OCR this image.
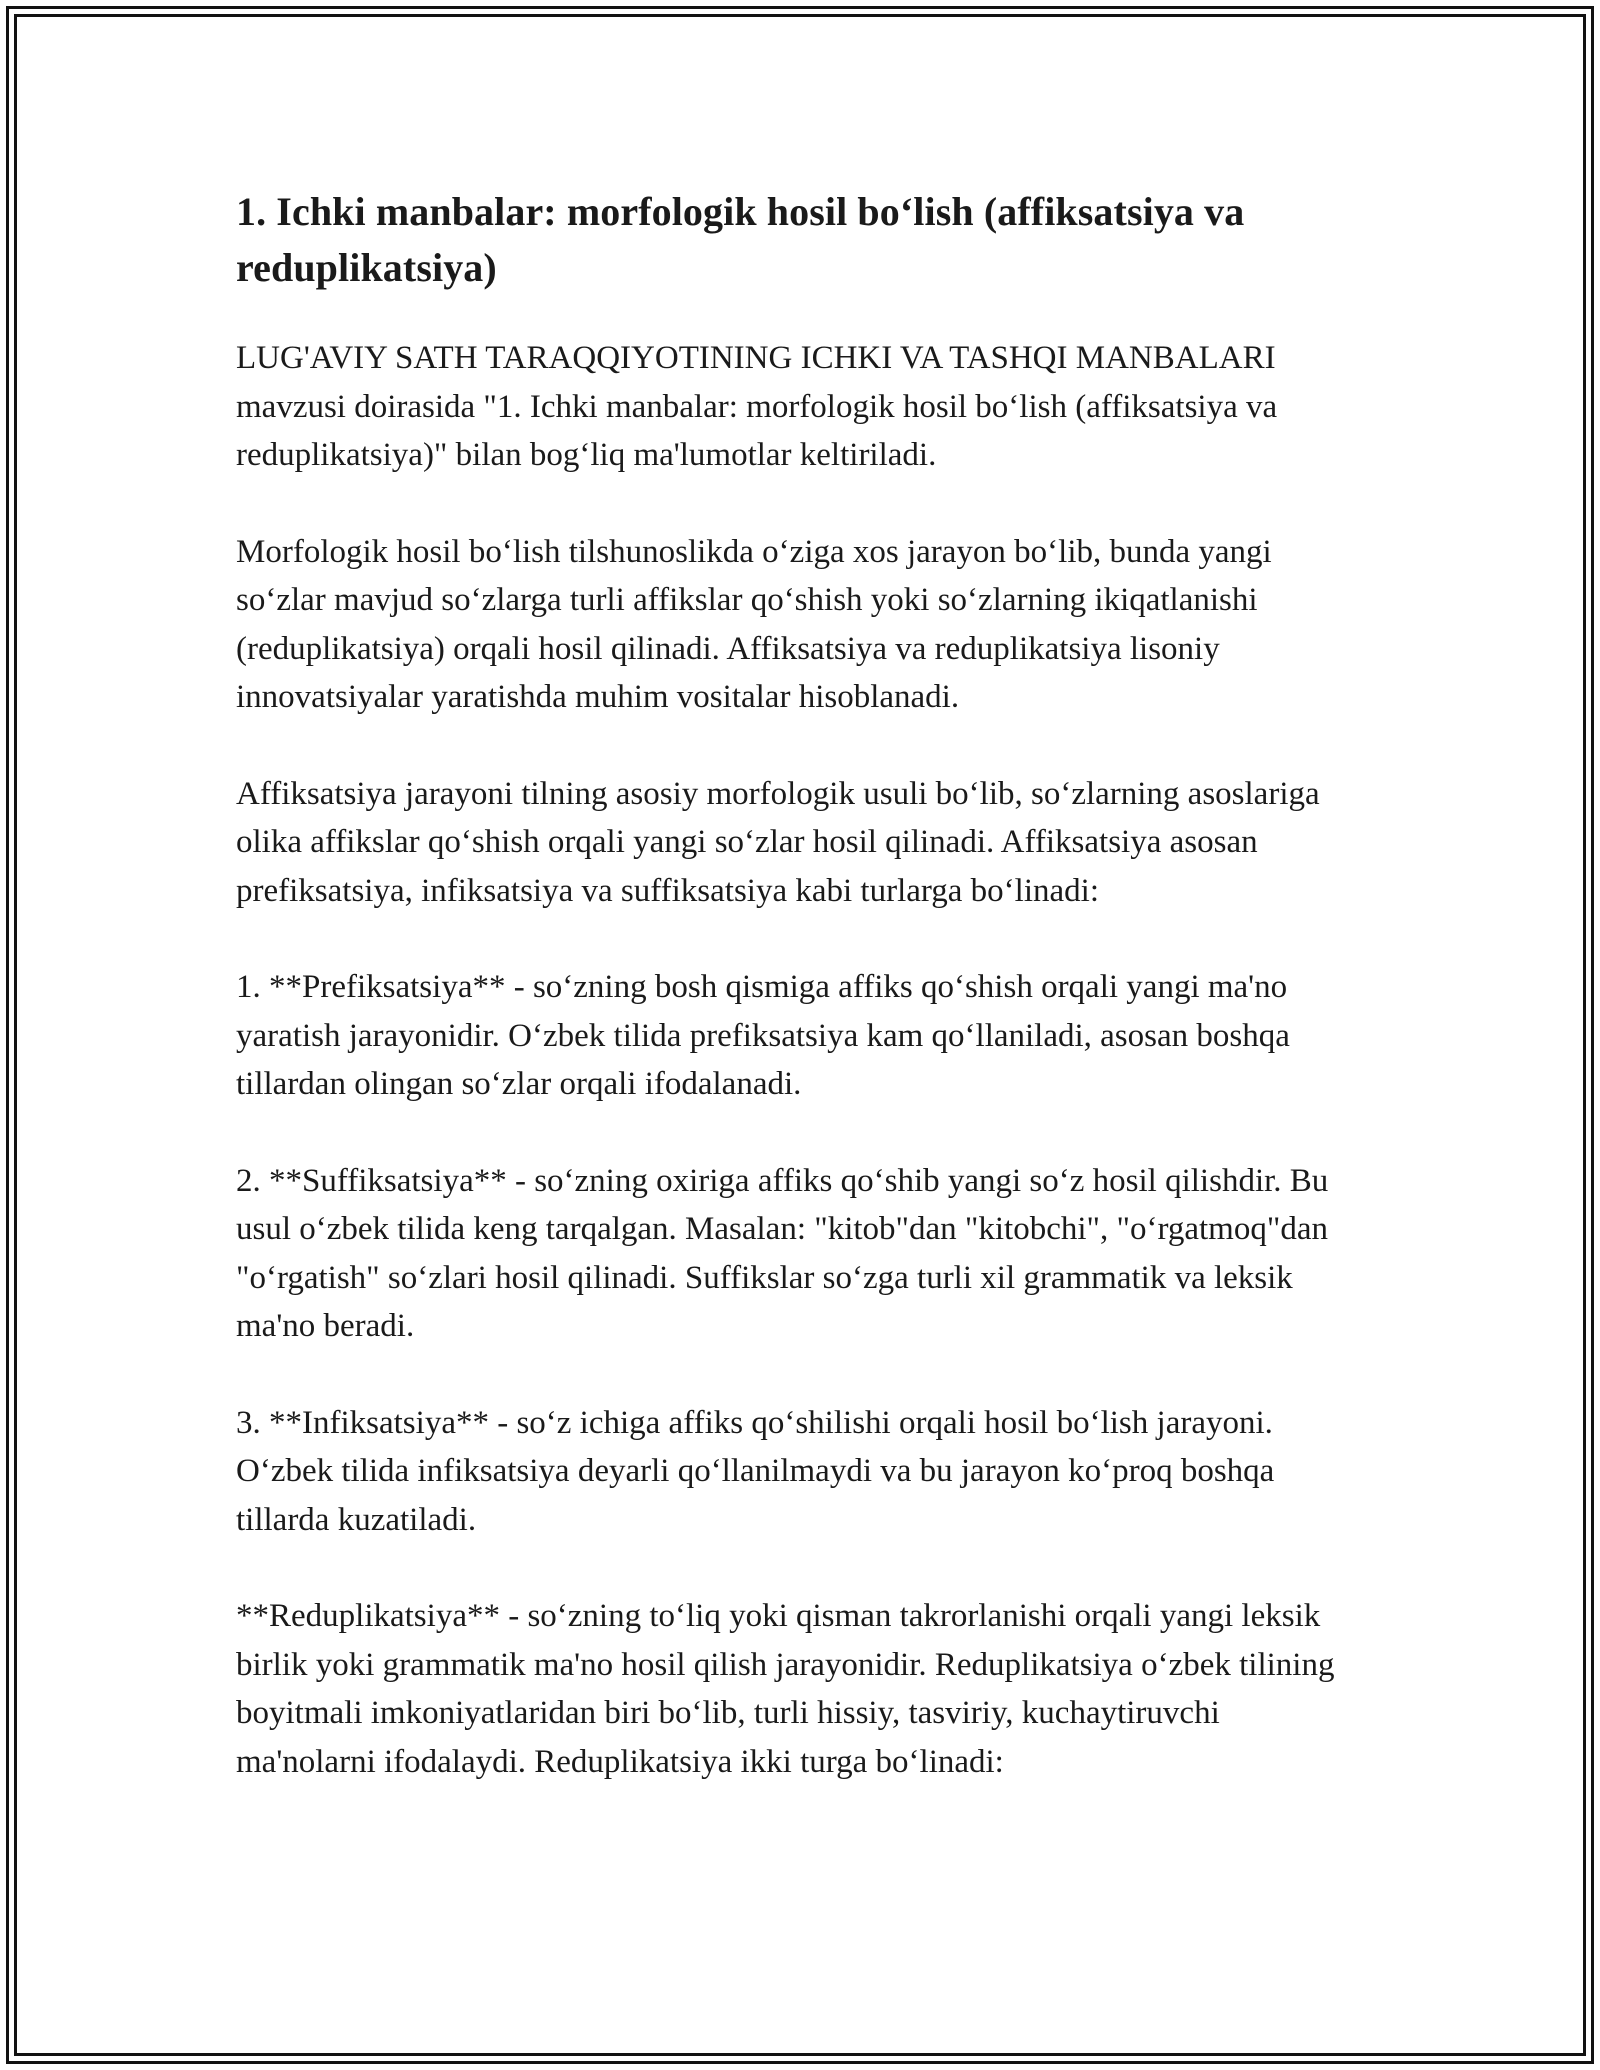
1. Ichki manbalar: morfologik hosil bo‘lish (affiksatsiya va reduplikatsiya)

LUG'AVIY SATH TARAQQIYOTINING ICHKI VA TASHQI MANBALARI mavzusi doirasida "1. Ichki manbalar: morfologik hosil bo‘lish (affiksatsiya va reduplikatsiya)" bilan bog‘liq ma'lumotlar keltiriladi.

Morfologik hosil bo‘lish tilshunoslikda o‘ziga xos jarayon bo‘lib, bunda yangi so‘zlar mavjud so‘zlarga turli affikslar qo‘shish yoki so‘zlarning ikiqatlanishi (reduplikatsiya) orqali hosil qilinadi. Affiksatsiya va reduplikatsiya lisoniy innovatsiyalar yaratishda muhim vositalar hisoblanadi.

Affiksatsiya jarayoni tilning asosiy morfologik usuli bo‘lib, so‘zlarning asoslariga olika affikslar qo‘shish orqali yangi so‘zlar hosil qilinadi. Affiksatsiya asosan prefiksatsiya, infiksatsiya va suffiksatsiya kabi turlarga bo‘linadi:

1. **Prefiksatsiya** - so‘zning bosh qismiga affiks qo‘shish orqali yangi ma'no yaratish jarayonidir. O‘zbek tilida prefiksatsiya kam qo‘llaniladi, asosan boshqa tillardan olingan so‘zlar orqali ifodalanadi.

2. **Suffiksatsiya** - so‘zning oxiriga affiks qo‘shib yangi so‘z hosil qilishdir. Bu usul o‘zbek tilida keng tarqalgan. Masalan: "kitob"dan "kitobchi", "o‘rgatmoq"dan "o‘rgatish" so‘zlari hosil qilinadi. Suffikslar so‘zga turli xil grammatik va leksik ma'no beradi.

3. **Infiksatsiya** - so‘z ichiga affiks qo‘shilishi orqali hosil bo‘lish jarayoni. O‘zbek tilida infiksatsiya deyarli qo‘llanilmaydi va bu jarayon ko‘proq boshqa tillarda kuzatiladi.

**Reduplikatsiya** - so‘zning to‘liq yoki qisman takrorlanishi orqali yangi leksik birlik yoki grammatik ma'no hosil qilish jarayonidir. Reduplikatsiya o‘zbek tilining boyitmali imkoniyatlaridan biri bo‘lib, turli hissiy, tasviriy, kuchaytiruvchi ma'nolarni ifodalaydi. Reduplikatsiya ikki turga bo‘linadi:
